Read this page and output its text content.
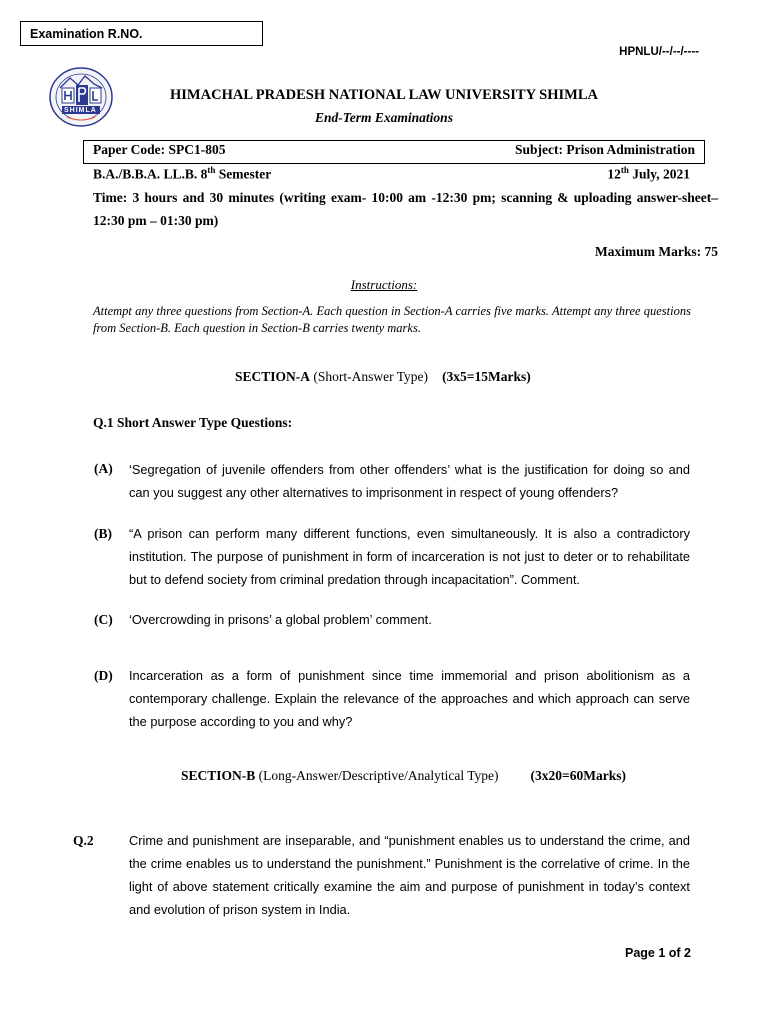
Examination R.NO.
HPNLU/--/--/----
SHIMLA
HIMACHAL PRADESH NATIONAL LAW UNIVERSITY SHIMLA
End-Term Examinations
Paper Code: SPC1-805	Subject: Prison Administration
B.A./B.B.A. LL.B. 8th Semester	12th July, 2021
Time: 3 hours and 30 minutes (writing exam- 10:00 am -12:30 pm; scanning & uploading answer-sheet– 12:30 pm – 01:30 pm)
Maximum Marks: 75
Instructions:
Attempt any three questions from Section-A. Each question in Section-A carries five marks. Attempt any three questions from Section-B. Each question in Section-B carries twenty marks.
SECTION-A (Short-Answer Type) (3x5=15Marks)
Q.1 Short Answer Type Questions:
(A) ‘Segregation of juvenile offenders from other offenders’ what is the justification for doing so and can you suggest any other alternatives to imprisonment in respect of young offenders?
(B) “A prison can perform many different functions, even simultaneously. It is also a contradictory institution. The purpose of punishment in form of incarceration is not just to deter or to rehabilitate but to defend society from criminal predation through incapacitation”. Comment.
(C) ‘Overcrowding in prisons’ a global problem’ comment.
(D) Incarceration as a form of punishment since time immemorial and prison abolitionism as a contemporary challenge. Explain the relevance of the approaches and which approach can serve the purpose according to you and why?
SECTION-B (Long-Answer/Descriptive/Analytical Type) (3x20=60Marks)
Q.2	Crime and punishment are inseparable, and “punishment enables us to understand the crime, and the crime enables us to understand the punishment.” Punishment is the correlative of crime. In the light of above statement critically examine the aim and purpose of punishment in today’s context and evolution of prison system in India.
Page 1 of 2
